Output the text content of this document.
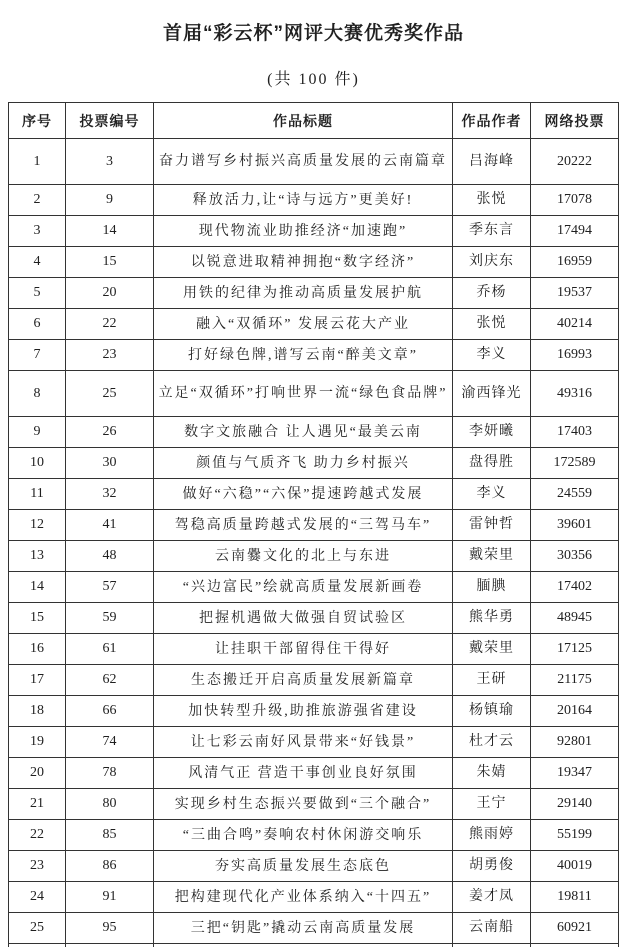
首届“彩云杯”网评大赛优秀奖作品
(共 100 件)
序号	投票编号	作品标题	作品作者	网络投票
1	3	奋力谱写乡村振兴高质量发展的云南篇章	吕海峰	20222
2	9	释放活力,让“诗与远方”更美好!	张悦	17078
3	14	现代物流业助推经济“加速跑”	季东言	17494
4	15	以锐意进取精神拥抱“数字经济”	刘庆东	16959
5	20	用铁的纪律为推动高质量发展护航	乔杨	19537
6	22	融入“双循环” 发展云花大产业	张悦	40214
7	23	打好绿色牌,谱写云南“醉美文章”	李义	16993
8	25	立足“双循环”打响世界一流“绿色食品牌”	渝西锋光	49316
9	26	数字文旅融合 让人遇见“最美云南	李妍曦	17403
10	30	颜值与气质齐飞 助力乡村振兴	盘得胜	172589
11	32	做好“六稳”“六保”提速跨越式发展	李义	24559
12	41	驾稳高质量跨越式发展的“三驾马车”	雷钟哲	39601
13	48	云南爨文化的北上与东进	戴荣里	30356
14	57	“兴边富民”绘就高质量发展新画卷	腼腆	17402
15	59	把握机遇做大做强自贸试验区	熊华勇	48945
16	61	让挂职干部留得住干得好	戴荣里	17125
17	62	生态搬迁开启高质量发展新篇章	王研	21175
18	66	加快转型升级,助推旅游强省建设	杨镇瑜	20164
19	74	让七彩云南好风景带来“好钱景”	杜才云	92801
20	78	风清气正 营造干事创业良好氛围	朱婧	19347
21	80	实现乡村生态振兴要做到“三个融合”	王宁	29140
22	85	“三曲合鸣”奏响农村休闲游交响乐	熊雨婷	55199
23	86	夯实高质量发展生态底色	胡勇俊	40019
24	91	把构建现代化产业体系纳入“十四五”	姜才凤	19811
25	95	三把“钥匙”撬动云南高质量发展	云南船	60921
